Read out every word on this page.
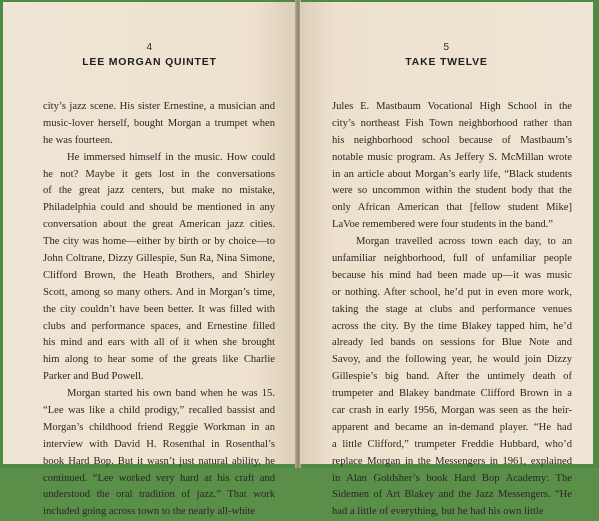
4
LEE MORGAN QUINTET
city’s jazz scene. His sister Ernestine, a musician and
music-lover herself, bought Morgan a trumpet when
he was fourteen.
He immersed himself in the music. How could
he not? Maybe it gets lost in the conversations
of the great jazz centers, but make no mistake,
Philadelphia could and should be mentioned in any
conversation about the great American jazz cities.
The city was home—either by birth or by choice—to
John Coltrane, Dizzy Gillespie, Sun Ra, Nina Simone,
Clifford Brown, the Heath Brothers, and Shirley
Scott, among so many others. And in Morgan’s time,
the city couldn’t have been better. It was filled with
clubs and performance spaces, and Ernestine filled
his mind and ears with all of it when she brought
him along to hear some of the greats like Charlie
Parker and Bud Powell.
Morgan started his own band when he was 15.
“Lee was like a child prodigy,” recalled bassist and
Morgan’s childhood friend Reggie Workman in an
interview with David H. Rosenthal in Rosenthal’s
book Hard Bop. But it wasn’t just natural ability, he
continued. “Lee worked very hard at his craft and
understood the oral tradition of jazz.” That work
included going across town to the nearly all-white
5
TAKE TWELVE
Jules E. Mastbaum Vocational High School in the
city’s northeast Fish Town neighborhood rather than
his neighborhood school because of Mastbaum’s
notable music program. As Jeffery S. McMillan wrote
in an article about Morgan’s early life, “Black students
were so uncommon within the student body that the
only African American that [fellow student Mike]
LaVoe remembered were four students in the band.”
Morgan travelled across town each day, to an
unfamiliar neighborhood, full of unfamiliar people
because his mind had been made up—it was music
or nothing. After school, he’d put in even more work,
taking the stage at clubs and performance venues
across the city. By the time Blakey tapped him, he’d
already led bands on sessions for Blue Note and
Savoy, and the following year, he would join Dizzy
Gillespie’s big band. After the untimely death of
trumpeter and Blakey bandmate Clifford Brown in a
car crash in early 1956, Morgan was seen as the heir-
apparent and became an in-demand player. “He had
a little Clifford,” trumpeter Freddie Hubbard, who’d
replace Morgan in the Messengers in 1961, explained
in Alan Goldsher’s book Hard Bop Academy: The
Sidemen of Art Blakey and the Jazz Messengers. “He
had a little of everything, but he had his own little
